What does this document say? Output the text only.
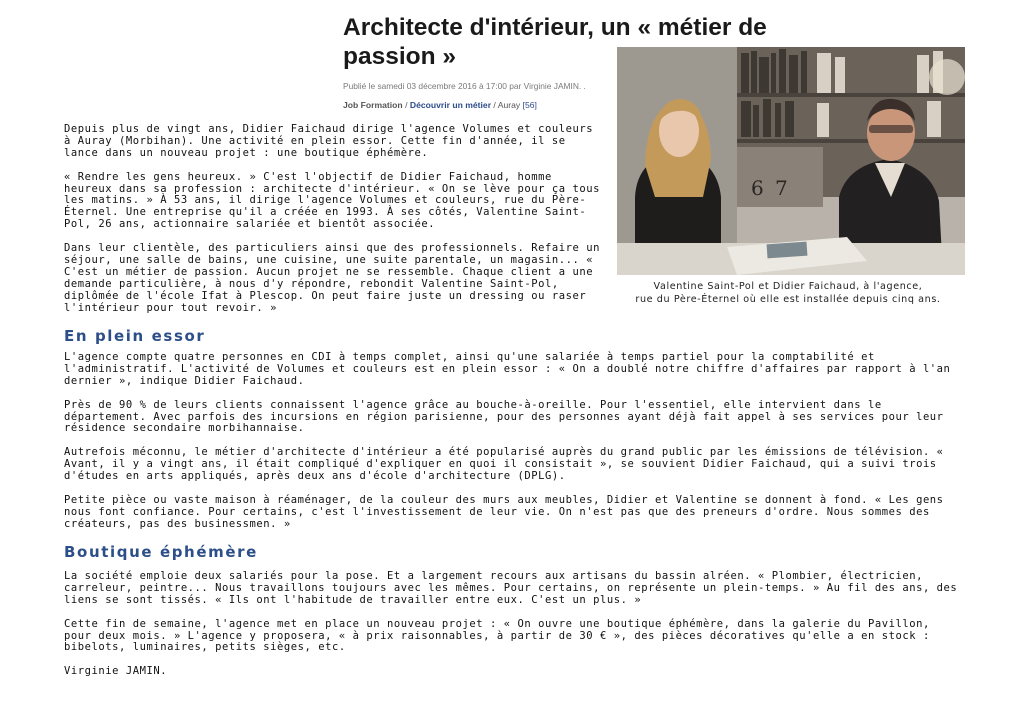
Architecte d'intérieur, un « métier de passion »
Publié le samedi 03 décembre 2016 à 17:00 par Virginie JAMIN. .
Job Formation / Découvrir un métier / Auray [56]
6 7
Valentine Saint-Pol et Didier Faichaud, à l'agence,
rue du Père-Éternel où elle est installée depuis cinq ans.

Depuis plus de vingt ans, Didier Faichaud dirige l'agence Volumes et couleurs à Auray (Morbihan). Une activité en plein essor. Cette fin d'année, il se lance dans un nouveau projet : une boutique éphémère.

« Rendre les gens heureux. » C'est l'objectif de Didier Faichaud, homme heureux dans sa profession : architecte d'intérieur. « On se lève pour ça tous les matins. » À 53 ans, il dirige l'agence Volumes et couleurs, rue du Père-Éternel. Une entreprise qu'il a créée en 1993. À ses côtés, Valentine Saint-Pol, 26 ans, actionnaire salariée et bientôt associée.

Dans leur clientèle, des particuliers ainsi que des professionnels. Refaire un séjour, une salle de bains, une cuisine, une suite parentale, un magasin... « C'est un métier de passion. Aucun projet ne se ressemble. Chaque client a une demande particulière, à nous d'y répondre, rebondit Valentine Saint-Pol, diplômée de l'école Ifat à Plescop. On peut faire juste un dressing ou raser l'intérieur pour tout revoir. »

En plein essor

L'agence compte quatre personnes en CDI à temps complet, ainsi qu'une salariée à temps partiel pour la comptabilité et l'administratif. L'activité de Volumes et couleurs est en plein essor : « On a doublé notre chiffre d'affaires par rapport à l'an dernier », indique Didier Faichaud.

Près de 90 % de leurs clients connaissent l'agence grâce au bouche-à-oreille. Pour l'essentiel, elle intervient dans le département. Avec parfois des incursions en région parisienne, pour des personnes ayant déjà fait appel à ses services pour leur résidence secondaire morbihannaise.

Autrefois méconnu, le métier d'architecte d'intérieur a été popularisé auprès du grand public par les émissions de télévision. « Avant, il y a vingt ans, il était compliqué d'expliquer en quoi il consistait », se souvient Didier Faichaud, qui a suivi trois d'études en arts appliqués, après deux ans d'école d'architecture (DPLG).

Petite pièce ou vaste maison à réaménager, de la couleur des murs aux meubles, Didier et Valentine se donnent à fond. « Les gens nous font confiance. Pour certains, c'est l'investissement de leur vie. On n'est pas que des preneurs d'ordre. Nous sommes des créateurs, pas des businessmen. »

Boutique éphémère

La société emploie deux salariés pour la pose. Et a largement recours aux artisans du bassin alréen. « Plombier, électricien, carreleur, peintre... Nous travaillons toujours avec les mêmes. Pour certains, on représente un plein-temps. » Au fil des ans, des liens se sont tissés. « Ils ont l'habitude de travailler entre eux. C'est un plus. »

Cette fin de semaine, l'agence met en place un nouveau projet : « On ouvre une boutique éphémère, dans la galerie du Pavillon, pour deux mois. » L'agence y proposera, « à prix raisonnables, à partir de 30 € », des pièces décoratives qu'elle a en stock : bibelots, luminaires, petits sièges, etc.

Virginie JAMIN.
